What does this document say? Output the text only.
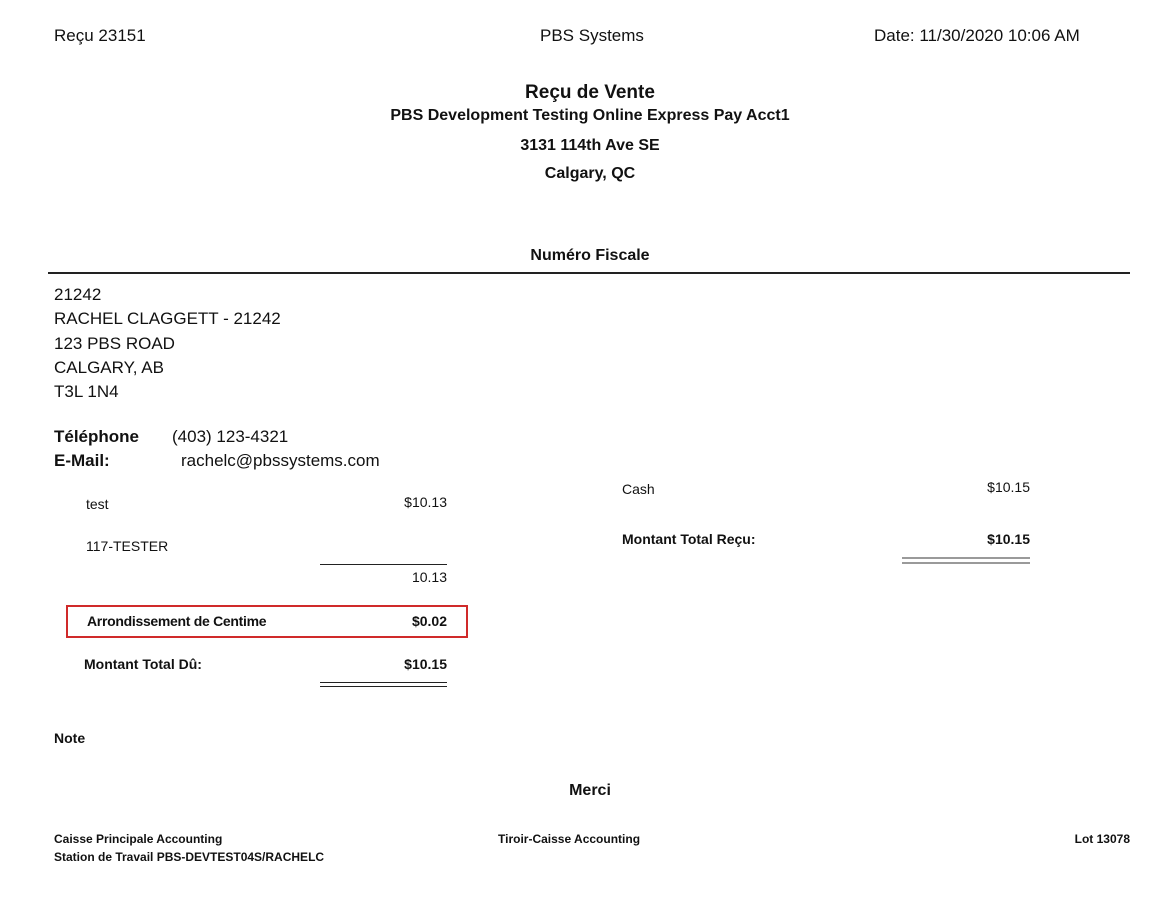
Reçu 23151	PBS Systems	Date: 11/30/2020 10:06 AM
Reçu de Vente
PBS Development Testing Online Express Pay Acct1
3131 114th Ave SE
Calgary, QC
Numéro Fiscale
21242
RACHEL CLAGGETT - 21242
123 PBS ROAD
CALGARY, AB
T3L 1N4
Téléphone (403) 123-4321
E-Mail:	rachelc@pbssystems.com
test	$10.13
117-TESTER
10.13
Arrondissement de Centime	$0.02
Montant Total Dû:	$10.15
Cash	$10.15
Montant Total Reçu:	$10.15
Note
Merci
Caisse Principale Accounting
Station de Travail PBS-DEVTEST04S/RACHELC
Tiroir-Caisse Accounting	Lot 13078
